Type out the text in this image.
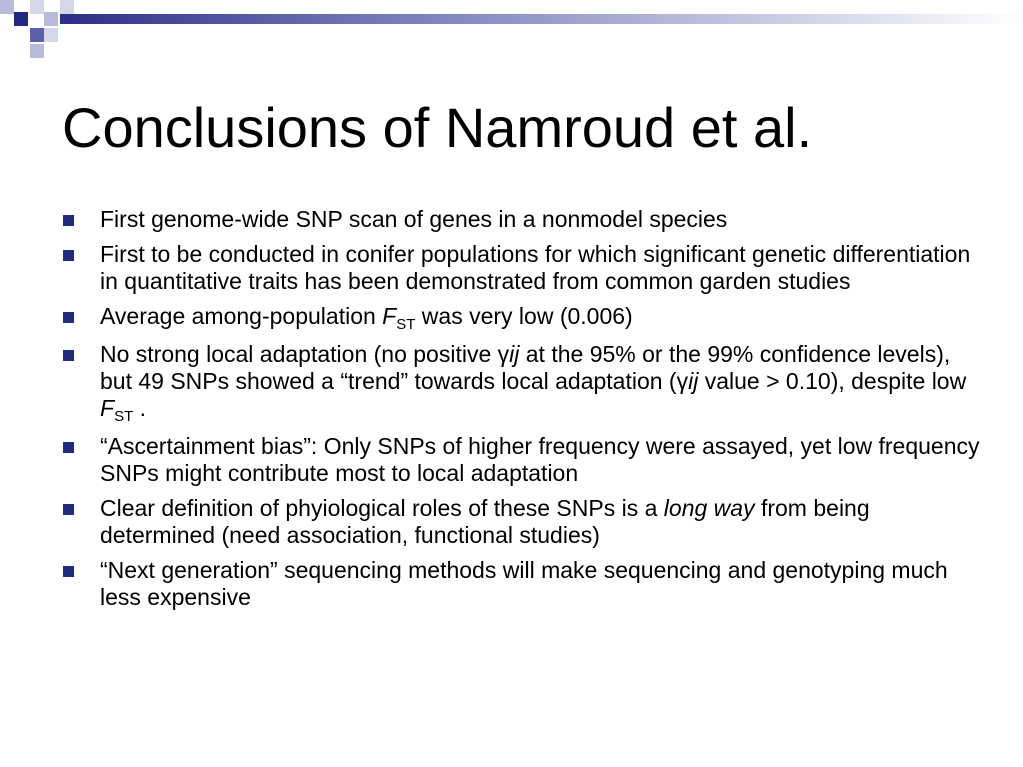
Conclusions of Namroud et al.
First genome-wide SNP scan of genes in a nonmodel species
First to be conducted in conifer populations for which significant genetic differentiation in quantitative traits has been demonstrated from common garden studies
Average among-population $F_{ST}$ was very low (0.006)
No strong local adaptation (no positive γij at the 95% or the 99% confidence levels), but 49 SNPs showed a “trend” towards local adaptation (γij value > 0.10), despite low $F_{ST}$ .
“Ascertainment bias”: Only SNPs of higher frequency were assayed, yet low frequency SNPs might contribute most to local adaptation
Clear definition of phyiological roles of these SNPs is a long way from being determined (need association, functional studies)
“Next generation” sequencing methods will make sequencing and genotyping much less expensive
